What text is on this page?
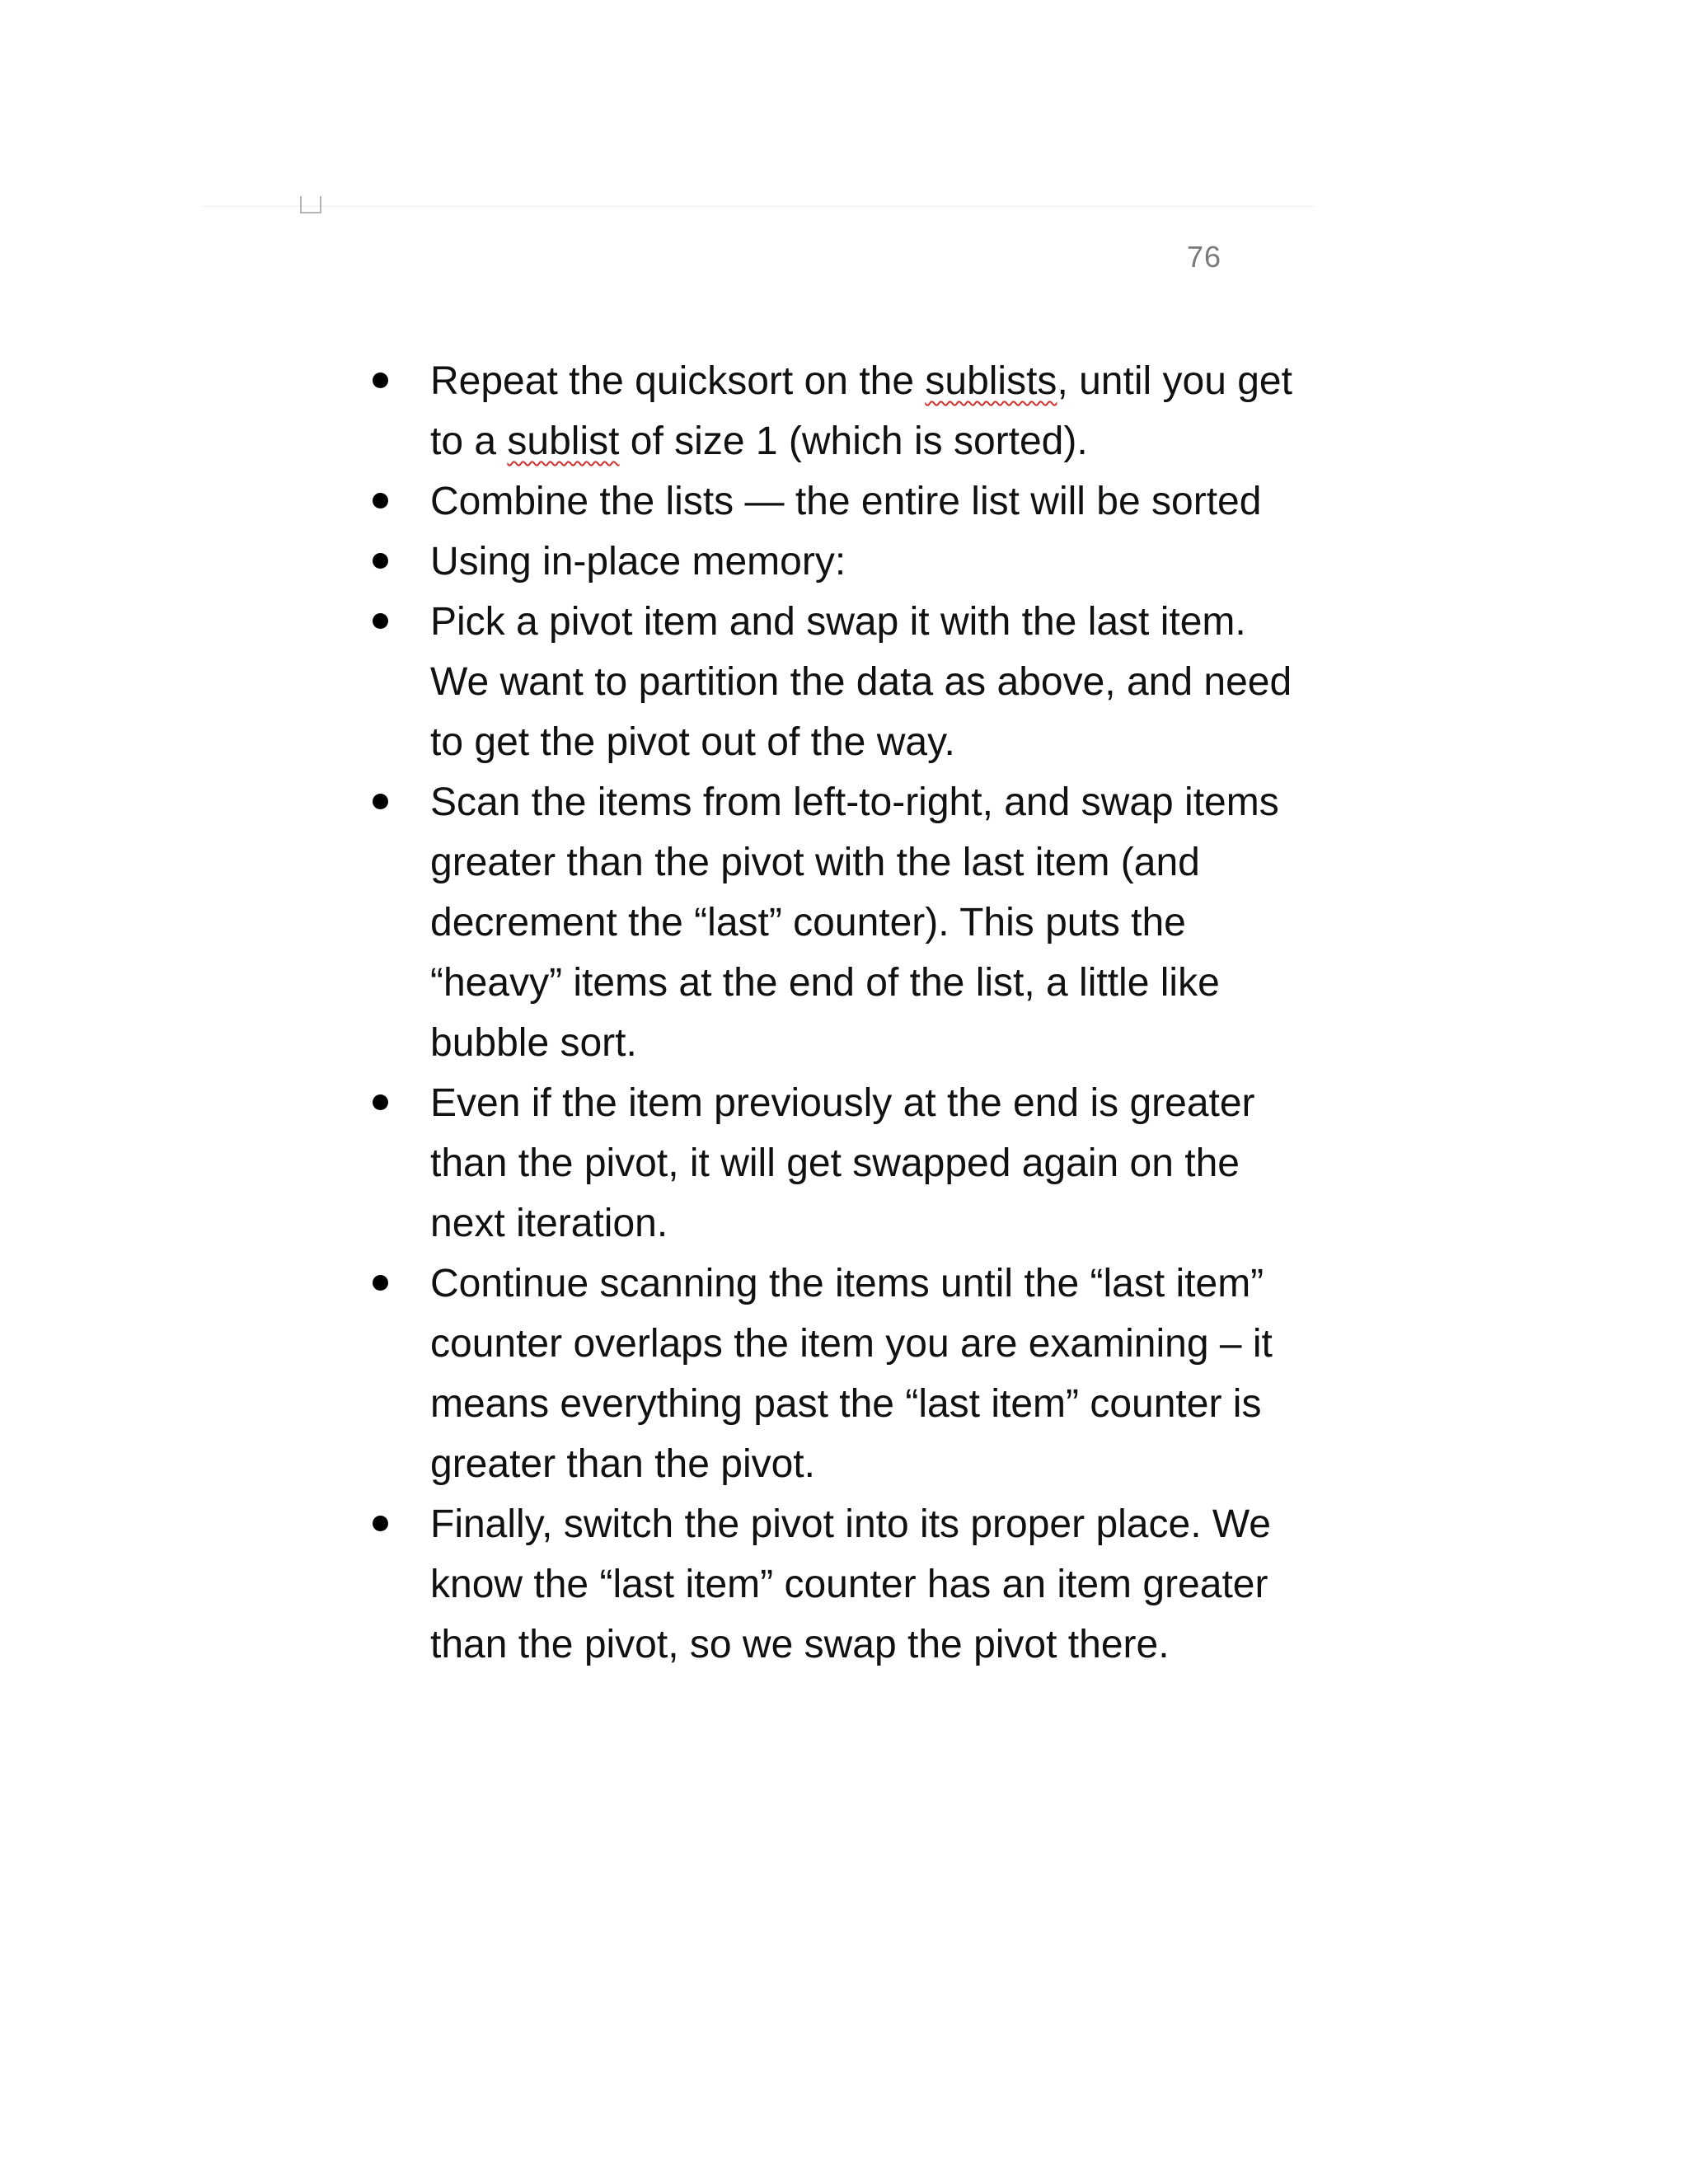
76
Repeat the quicksort on the sublists, until you get to a sublist of size 1 (which is sorted).
Combine the lists — the entire list will be sorted
Using in-place memory:
Pick a pivot item and swap it with the last item. We want to partition the data as above, and need to get the pivot out of the way.
Scan the items from left-to-right, and swap items greater than the pivot with the last item (and decrement the “last” counter). This puts the “heavy” items at the end of the list, a little like bubble sort.
Even if the item previously at the end is greater than the pivot, it will get swapped again on the next iteration.
Continue scanning the items until the “last item” counter overlaps the item you are examining – it means everything past the “last item” counter is greater than the pivot.
Finally, switch the pivot into its proper place. We know the “last item” counter has an item greater than the pivot, so we swap the pivot there.
